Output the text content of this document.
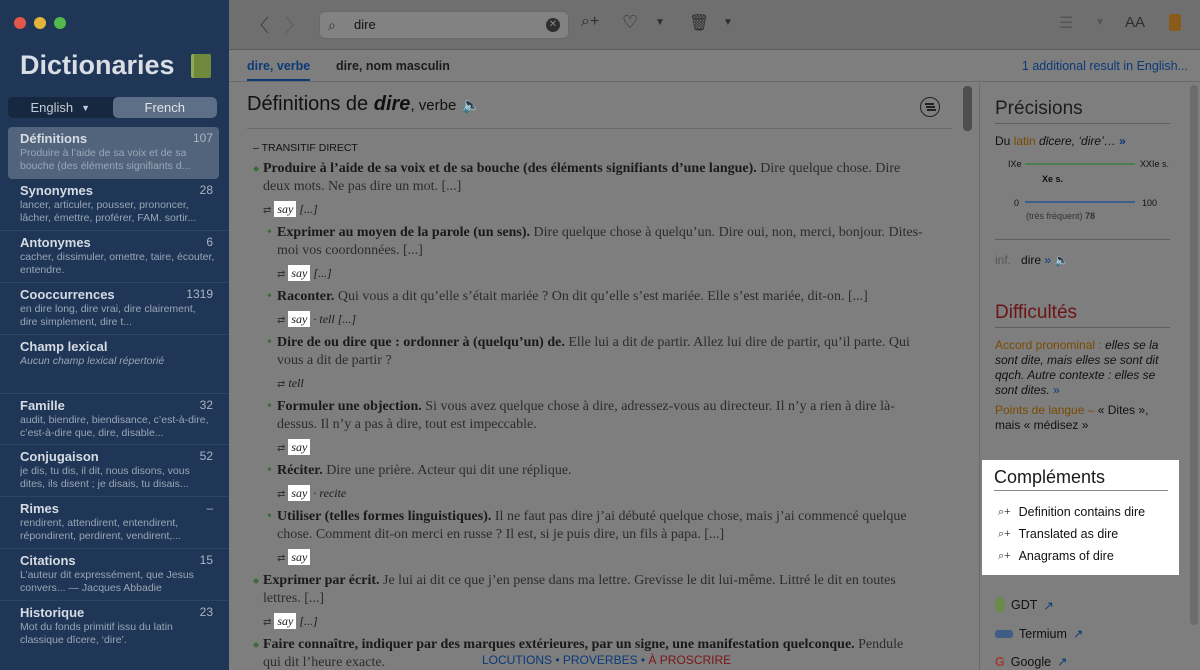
Dictionaries
English ▼	French
Définitions	107
Produire à l’aide de sa voix et de sa bouche (des éléments signifiants d...
Synonymes	28
lancer, articuler, pousser, prononcer, lâcher, émettre, proférer, FAM. sortir...
Antonymes	6
cacher, dissimuler, omettre, taire, écouter, entendre.
Cooccurrences	1319
en dire long, dire vrai, dire clairement, dire simplement, dire t...
Champ lexical
Aucun champ lexical répertorié
Famille	32
audit, biendire, biendisance, c’est-à-dire, c’est-à-dire que, dire, disable...
Conjugaison	52
je dis, tu dis, il dit, nous disons, vous dites, ils disent ; je disais, tu disais...
Rimes	–
rendirent, attendirent, entendirent, répondirent, perdirent, vendirent,...
Citations	15
L’auteur dit expressément, que Jesus convers... — Jacques Abbadie
Historique	23
Mot du fonds primitif issu du latin classique dīcere, ‘dire’.
〈 〉 ⌕
dire	✕ ⌕+ ♡ ▼ 🗑 ▼	☰ ▼ AA
dire, verbe dire, nom masculin	1 additional result in English...
Définitions de dire, verbe 🔈
– TRANSITIF DIRECT
◆ Produire à l’aide de sa voix et de sa bouche (des éléments signifiants d’une langue). Dire quelque chose. Dire deux mots. Ne pas dire un mot. [...]
⇄ say [...]
• Exprimer au moyen de la parole (un sens). Dire quelque chose à quelqu’un. Dire oui, non, merci, bonjour. Dites-moi vos coordonnées. [...]
⇄ say [...]
• Raconter. Qui vous a dit qu’elle s’était mariée ? On dit qu’elle s’est mariée. Elle s’est mariée, dit-on. [...]
⇄ say · tell [...]
• Dire de ou dire que : ordonner à (quelqu’un) de. Elle lui a dit de partir. Allez lui dire de partir, qu’il parte. Qui vous a dit de partir ?
⇄ tell
• Formuler une objection. Si vous avez quelque chose à dire, adressez-vous au directeur. Il n’y a rien à dire là-dessus. Il n’y a pas à dire, tout est impeccable.
⇄ say
• Réciter. Dire une prière. Acteur qui dit une réplique.
⇄ say · recite
• Utiliser (telles formes linguistiques). Il ne faut pas dire j’ai débuté quelque chose, mais j’ai commencé quelque chose. Comment dit-on merci en russe ? Il est, si je puis dire, un fils à papa. [...]
⇄ say
◆ Exprimer par écrit. Je lui ai dit ce que j’en pense dans ma lettre. Grevisse le dit lui-même. Littré le dit en toutes lettres. [...]
⇄ say [...]
◆ Faire connaître, indiquer par des marques extérieures, par un signe, une manifestation quelconque. Pendule qui dit l’heure exacte.	LOCUTIONS • PROVERBES • À PROSCRIRE
Précisions
Du latin dīcere, ‘dire’… »
IXe	XXIe s.
Xe s.
0	100
(très fréquent) 78
inf. dire » 🔈
Difficultés
Accord pronominal : elles se la sont dite, mais elles se sont dit qqch. Autre contexte : elles se sont dites. »
Points de langue – « Dites », mais « médisez »
GDT ↗
Termium ↗
G Google ↗
Compléments
⌕+ Definition contains dire
⌕+ Translated as dire
⌕+ Anagrams of dire
